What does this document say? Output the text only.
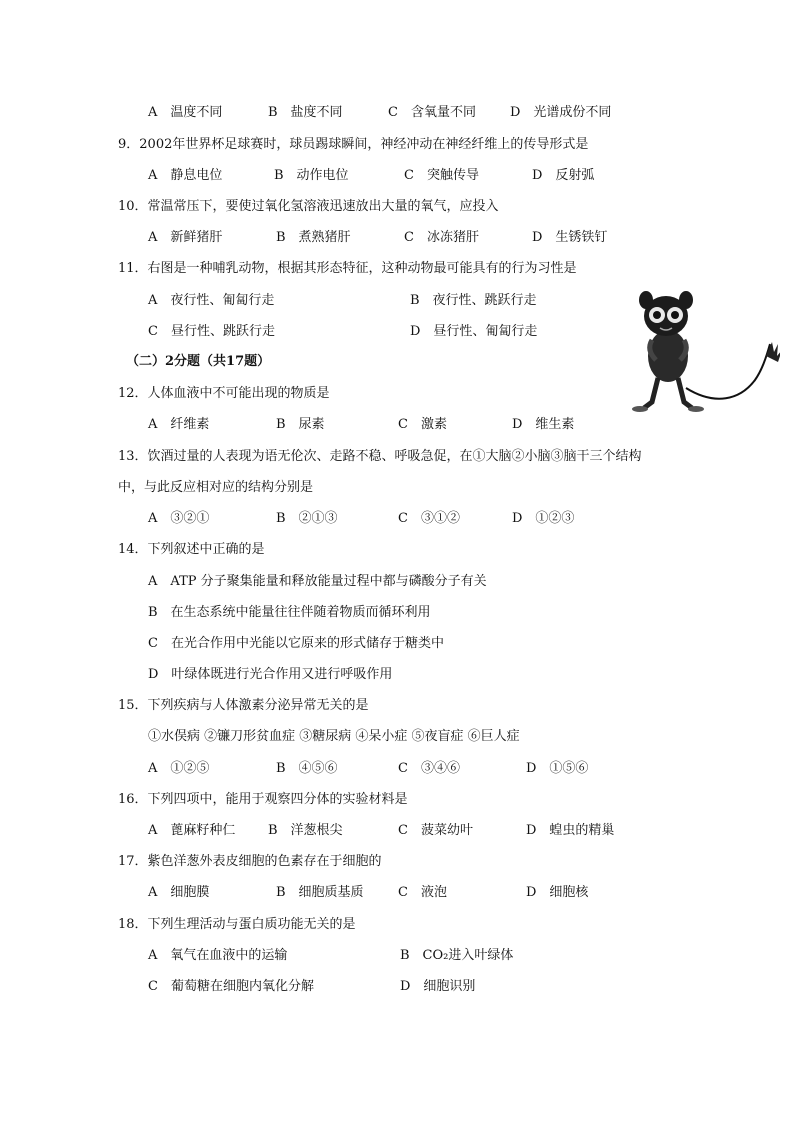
A　温度不同	B　盐度不同	C　含氧量不同	D　光谱成份不同
9．2002年世界杯足球赛时，球员踢球瞬间，神经冲动在神经纤维上的传导形式是
A　静息电位	B　动作电位	C　突触传导	D　反射弧
10．常温常压下，要使过氧化氢溶液迅速放出大量的氧气，应投入
A　新鲜猪肝	B　煮熟猪肝	C　冰冻猪肝	D　生锈铁钉
11．右图是一种哺乳动物，根据其形态特征，这种动物最可能具有的行为习性是
A　夜行性、匍匐行走	B　夜行性、跳跃行走
C　昼行性、跳跃行走	D　昼行性、匍匐行走
（二）2分题（共17题）
12．人体血液中不可能出现的物质是
A　纤维素	B　尿素	C　激素	D　维生素
13．饮酒过量的人表现为语无伦次、走路不稳、呼吸急促，在①大脑②小脑③脑干三个结构
中，与此反应相对应的结构分别是
A　③②①	B　②①③	C　③①②	D　①②③
14．下列叙述中正确的是
A　ATP 分子聚集能量和释放能量过程中都与磷酸分子有关
B　在生态系统中能量往往伴随着物质而循环利用
C　在光合作用中光能以它原来的形式储存于糖类中
D　叶绿体既进行光合作用又进行呼吸作用
15．下列疾病与人体激素分泌异常无关的是
①水俣病 ②镰刀形贫血症 ③糖尿病 ④呆小症 ⑤夜盲症 ⑥巨人症
A　①②⑤	B　④⑤⑥	C　③④⑥	D　①⑤⑥
16．下列四项中，能用于观察四分体的实验材料是
A　蓖麻籽种仁	B　洋葱根尖	C　菠菜幼叶	D　蝗虫的精巢
17．紫色洋葱外表皮细胞的色素存在于细胞的
A　细胞膜	B　细胞质基质	C　液泡	D　细胞核
18．下列生理活动与蛋白质功能无关的是
A　氧气在血液中的运输	B　CO₂进入叶绿体
C　葡萄糖在细胞内氧化分解	D　细胞识别
